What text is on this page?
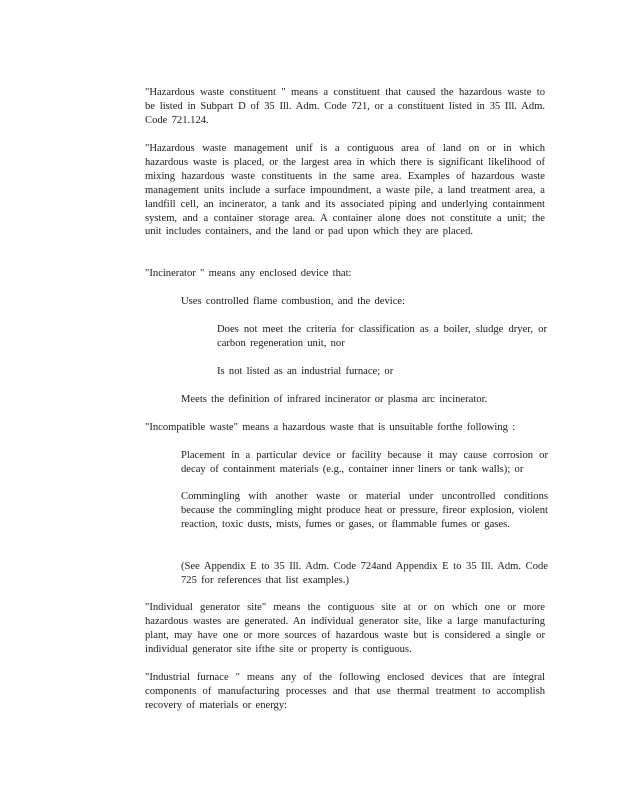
"Hazardous waste constituent " means a constituent that caused the hazardous waste to be listed in Subpart D of 35 Ill. Adm. Code 721, or a constituent listed in 35 Ill. Adm. Code 721.124.

"Hazardous waste management unif is a contiguous area of land on or in which hazardous waste is placed, or the largest area in which there is significant likelihood of mixing hazardous waste constituents in the same area. Examples of hazardous waste management units include a surface impoundment, a waste pile, a land treatment area, a landfill cell, an incinerator, a tank and its associated piping and underlying containment system, and a container storage area. A container alone does not constitute a unit; the unit includes containers, and the land or pad upon which they are placed.

"Incinerator " means any enclosed device that:

Uses controlled flame combustion, and the device:

Does not meet the criteria for classification as a boiler, sludge dryer, or carbon regeneration unit, nor

Is not listed as an industrial furnace; or

Meets the definition of infrared incinerator or plasma arc incinerator.

"Incompatible waste" means a hazardous waste that is unsuitable forthe following :

Placement in a particular device or facility because it may cause corrosion or decay of containment materials (e.g., container inner liners or tank walls); or

Commingling with another waste or material under uncontrolled conditions because the commingling might produce heat or pressure, fireor explosion, violent reaction, toxic dusts, mists, fumes or gases, or flammable fumes or gases.

(See Appendix E to 35 Ill. Adm. Code 724and Appendix E to 35 Ill. Adm. Code 725 for references that list examples.)

"Individual generator site" means the contiguous site at or on which one or more hazardous wastes are generated. An individual generator site, like a large manufacturing plant, may have one or more sources of hazardous waste but is considered a single or individual generator site ifthe site or property is contiguous.

"Industrial furnace " means any of the following enclosed devices that are integral components of manufacturing processes and that use thermal treatment to accomplish recovery of materials or energy:
